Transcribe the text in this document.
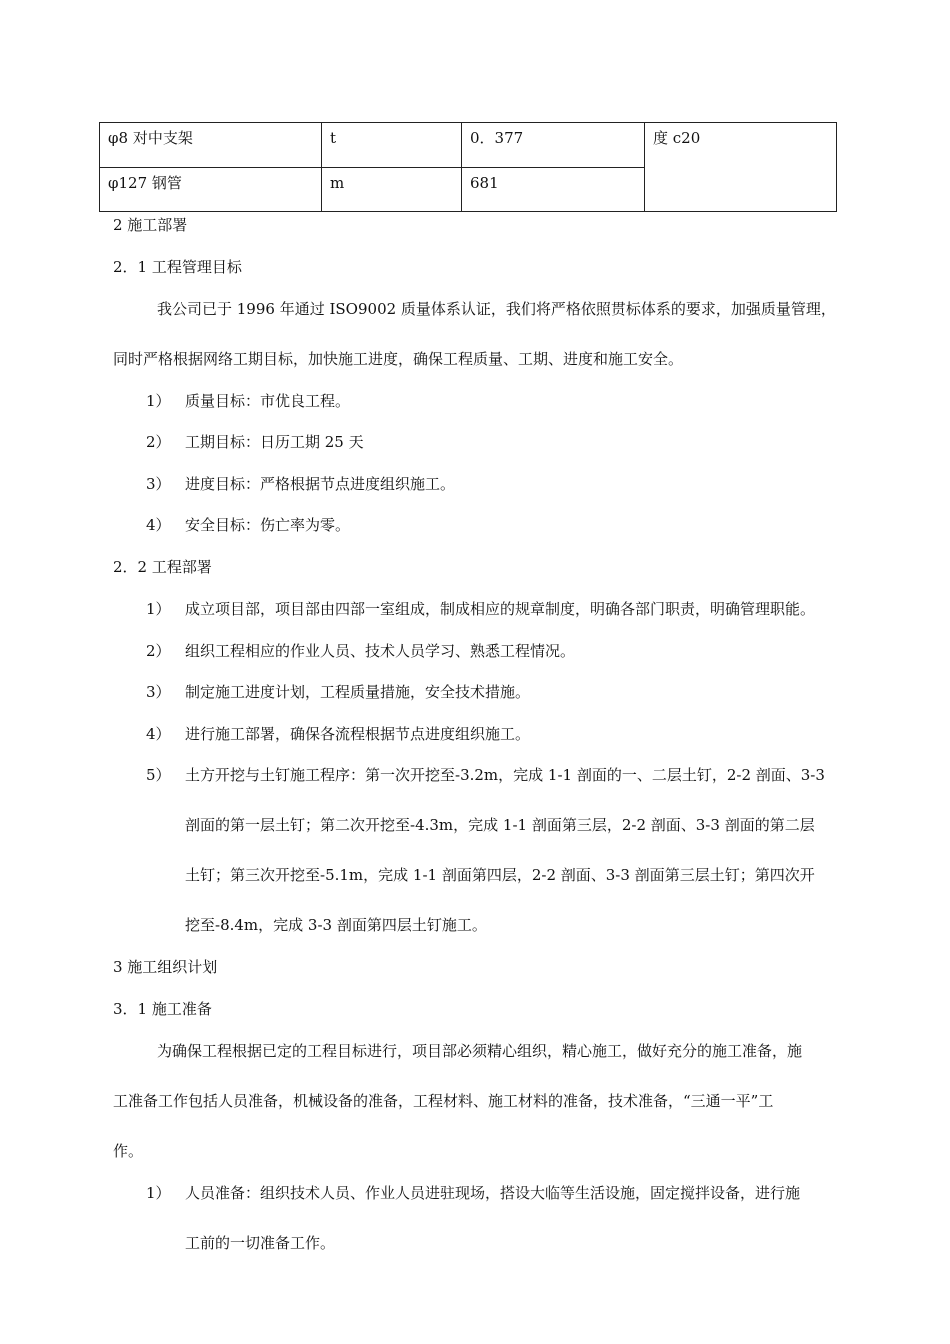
φ8 对中支架	t	0．377	度 c20
φ127 钢管	m	681	
2 施工部署
2．1 工程管理目标
我公司已于 1996 年通过 ISO9002 质量体系认证，我们将严格依照贯标体系的要求，加强质量管理，
同时严格根据网络工期目标，加快施工进度，确保工程质量、工期、进度和施工安全。
1） 质量目标：市优良工程。
2） 工期目标：日历工期 25 天
3） 进度目标：严格根据节点进度组织施工。
4） 安全目标：伤亡率为零。
2．2 工程部署
1） 成立项目部，项目部由四部一室组成，制成相应的规章制度，明确各部门职责，明确管理职能。
2） 组织工程相应的作业人员、技术人员学习、熟悉工程情况。
3） 制定施工进度计划，工程质量措施，安全技术措施。
4） 进行施工部署，确保各流程根据节点进度组织施工。
5） 土方开挖与土钉施工程序：第一次开挖至-3.2m，完成 1-1 剖面的一、二层土钉，2-2 剖面、3-3
剖面的第一层土钉；第二次开挖至-4.3m，完成 1-1 剖面第三层，2-2 剖面、3-3 剖面的第二层
土钉；第三次开挖至-5.1m，完成 1-1 剖面第四层，2-2 剖面、3-3 剖面第三层土钉；第四次开
挖至-8.4m，完成 3-3 剖面第四层土钉施工。
3 施工组织计划
3．1 施工准备
为确保工程根据已定的工程目标进行，项目部必须精心组织，精心施工，做好充分的施工准备，施
工准备工作包括人员准备，机械设备的准备，工程材料、施工材料的准备，技术准备，“三通一平”工
作。
1） 人员准备：组织技术人员、作业人员进驻现场，搭设大临等生活设施，固定搅拌设备，进行施
工前的一切准备工作。
